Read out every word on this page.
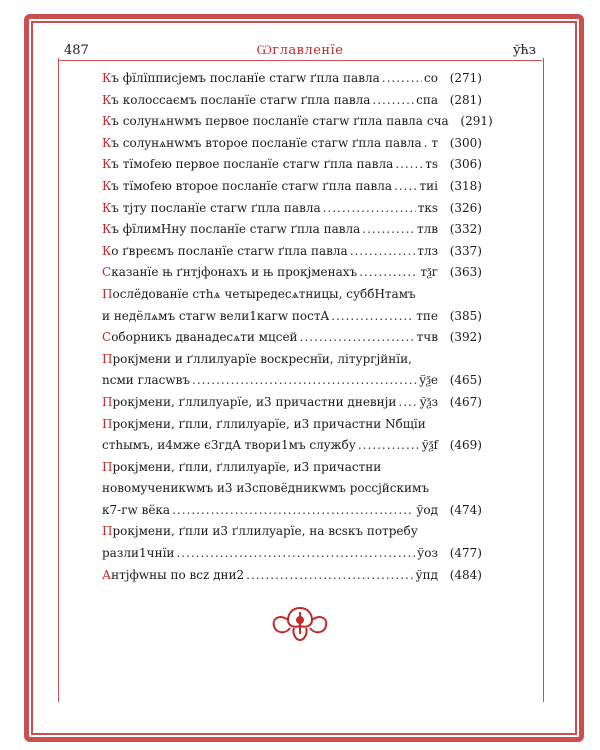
487	Ѡглавлeнїе	ўћз
Къ фїлїпписjемъ послaнїе стaгw ґпла пaвла .....	сo (271)
Къ колоссaємъ послaнїе стaгw ґпла пaвла .....	спa (281)
Къ солyнѧнwмъ пeрвое послaнїе стaгw ґпла пaвла сча (291)
Къ солyнѧнwмъ вторoе послaнїе стaгw ґпла пaвла ..... т (300)
Къ тїмоfeю пeрвое послaнїе стaгw ґпла пaвла .....	тs (306)
Къ тїмоfeю вторoе послaнїе стaгw ґпла пaвла ..... тиі (318)
Къ тjту послaнїе стaгw ґпла пaвла .....	ткs (326)
Къ фїлимHну послaнїе стaгw ґпла пaвла .....	тлв (332)
Ко ґврeємъ послaнїе стaгw ґпла пaвла .....	тлз (337)
Сказaнїе њ ґнтjфонахъ и њ прокjменахъ .....	тѯг (363)
Послёдованїе стhѧ четыредесѧтницы, суббHтамъ
и недёлѧмъ стaгw вели1кагw постA .....	тпе (385)
Собoрникъ двaнaдесѧти мцcей .....	тчв (392)
Прокjмени и ґллилyарїе воскрeснїи, літургjйнїи,
nсми глaсwвъ .....	ўѯе (465)
Прокjмени, ґллилyарїе, и3 причaстни дневнjи ..... ўѯз (467)
Прокjмени, ґпли, ґллилyарїе, и3 причaстни Nбщїи
стhымъ, и4мже є3гдA твори1мъ слyжбу .....	ўѯf (469)
Прокjмени, ґпли, ґллилyарїе, и3 причaстни
новомyченикwмъ и3 и3сповёдникwмъ россjйскимъ
к7-гw вёка .....	ўод (474)
Прокjмени, ґпли и3 ґллилyарїе, на всsкъ потрeбу
разли1чнїи .....	ўоз (477)
Антjфwны по всz дни2 .....	ўпд (484)
